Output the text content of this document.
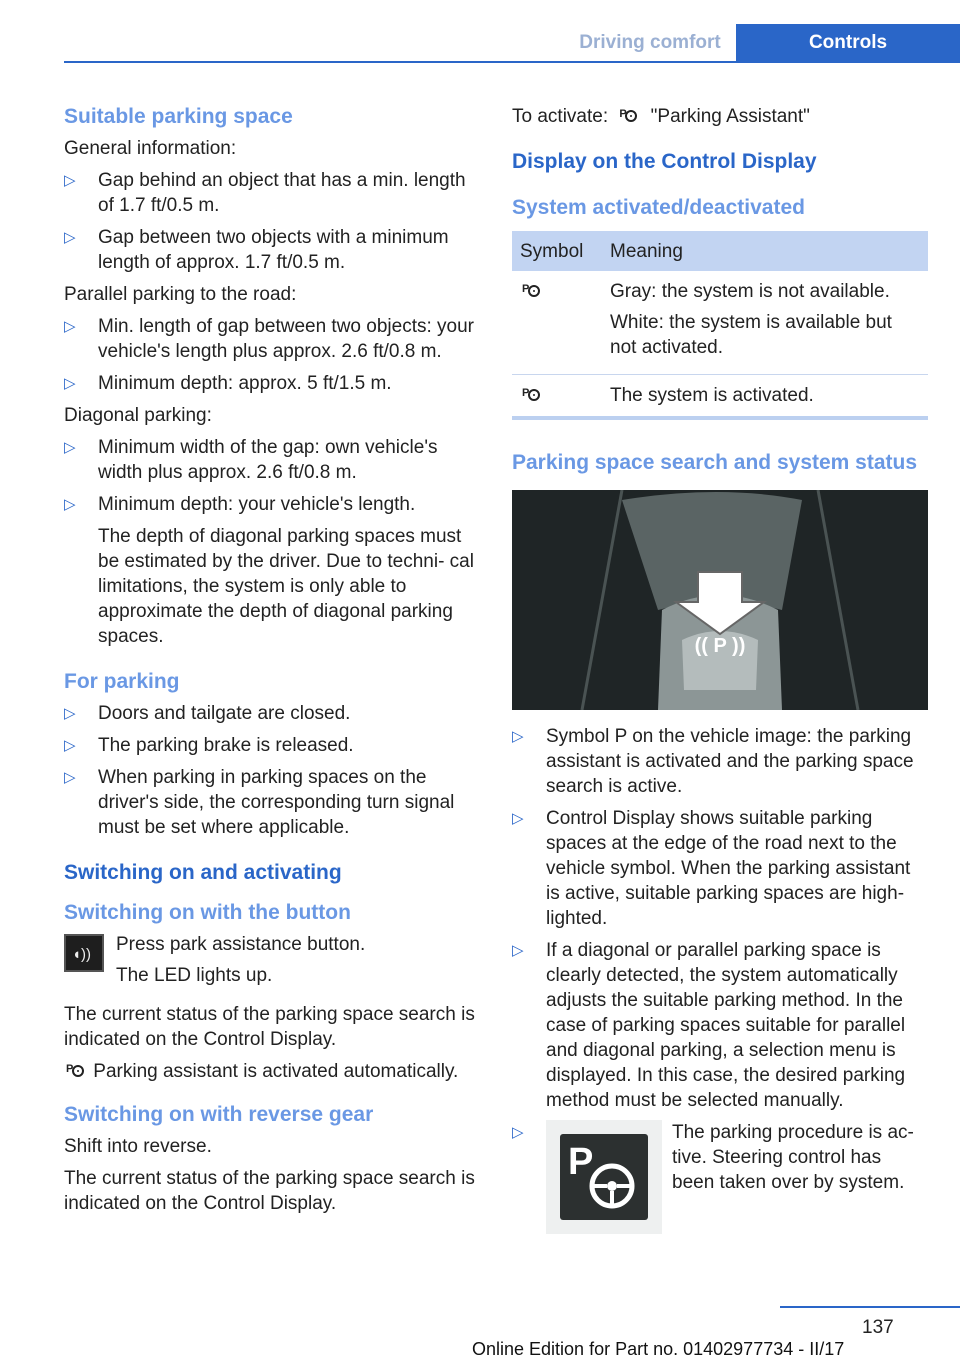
Driving comfort	Controls
Suitable parking space
General information:
▷ Gap behind an object that has a min. length of 1.7 ft/0.5 m.
▷ Gap between two objects with a minimum length of approx. 1.7 ft/0.5 m.
Parallel parking to the road:
▷ Min. length of gap between two objects: your vehicle's length plus approx. 2.6 ft/0.8 m.
▷ Minimum depth: approx. 5 ft/1.5 m.
Diagonal parking:
▷ Minimum width of the gap: own vehicle's width plus approx. 2.6 ft/0.8 m.
▷ Minimum depth: your vehicle's length.
The depth of diagonal parking spaces must be estimated by the driver. Due to techni‐ cal limitations, the system is only able to approximate the depth of diagonal parking spaces.
For parking
▷ Doors and tailgate are closed.
▷ The parking brake is released.
▷ When parking in parking spaces on the driver's side, the corresponding turn signal must be set where applicable.
Switching on and activating
Switching on with the button
◖)) Press park assistance button.
The LED lights up.
The current status of the parking space search is indicated on the Control Display.
P Parking assistant is activated automatically.
Switching on with reverse gear
Shift into reverse.
The current status of the parking space search is indicated on the Control Display.
To activate: P "Parking Assistant"
Display on the Control Display
System activated/deactivated
Symbol	Meaning

P	Gray: the system is not available.
White: the system is available but not activated.

P	The system is activated.
Parking space search and system status
(( P ))
▷ Symbol P on the vehicle image: the parking assistant is activated and the parking space search is active.
▷ Control Display shows suitable parking spaces at the edge of the road next to the vehicle symbol. When the parking assistant is active, suitable parking spaces are high‐ lighted.
▷ If a diagonal or parallel parking space is clearly detected, the system automatically adjusts the suitable parking method. In the case of parking spaces suitable for parallel and diagonal parking, a selection menu is displayed. In this case, the desired parking method must be selected manually.
▷
P
The parking procedure is ac‐ tive. Steering control has been taken over by system.
137
Online Edition for Part no. 01402977734 - II/17
